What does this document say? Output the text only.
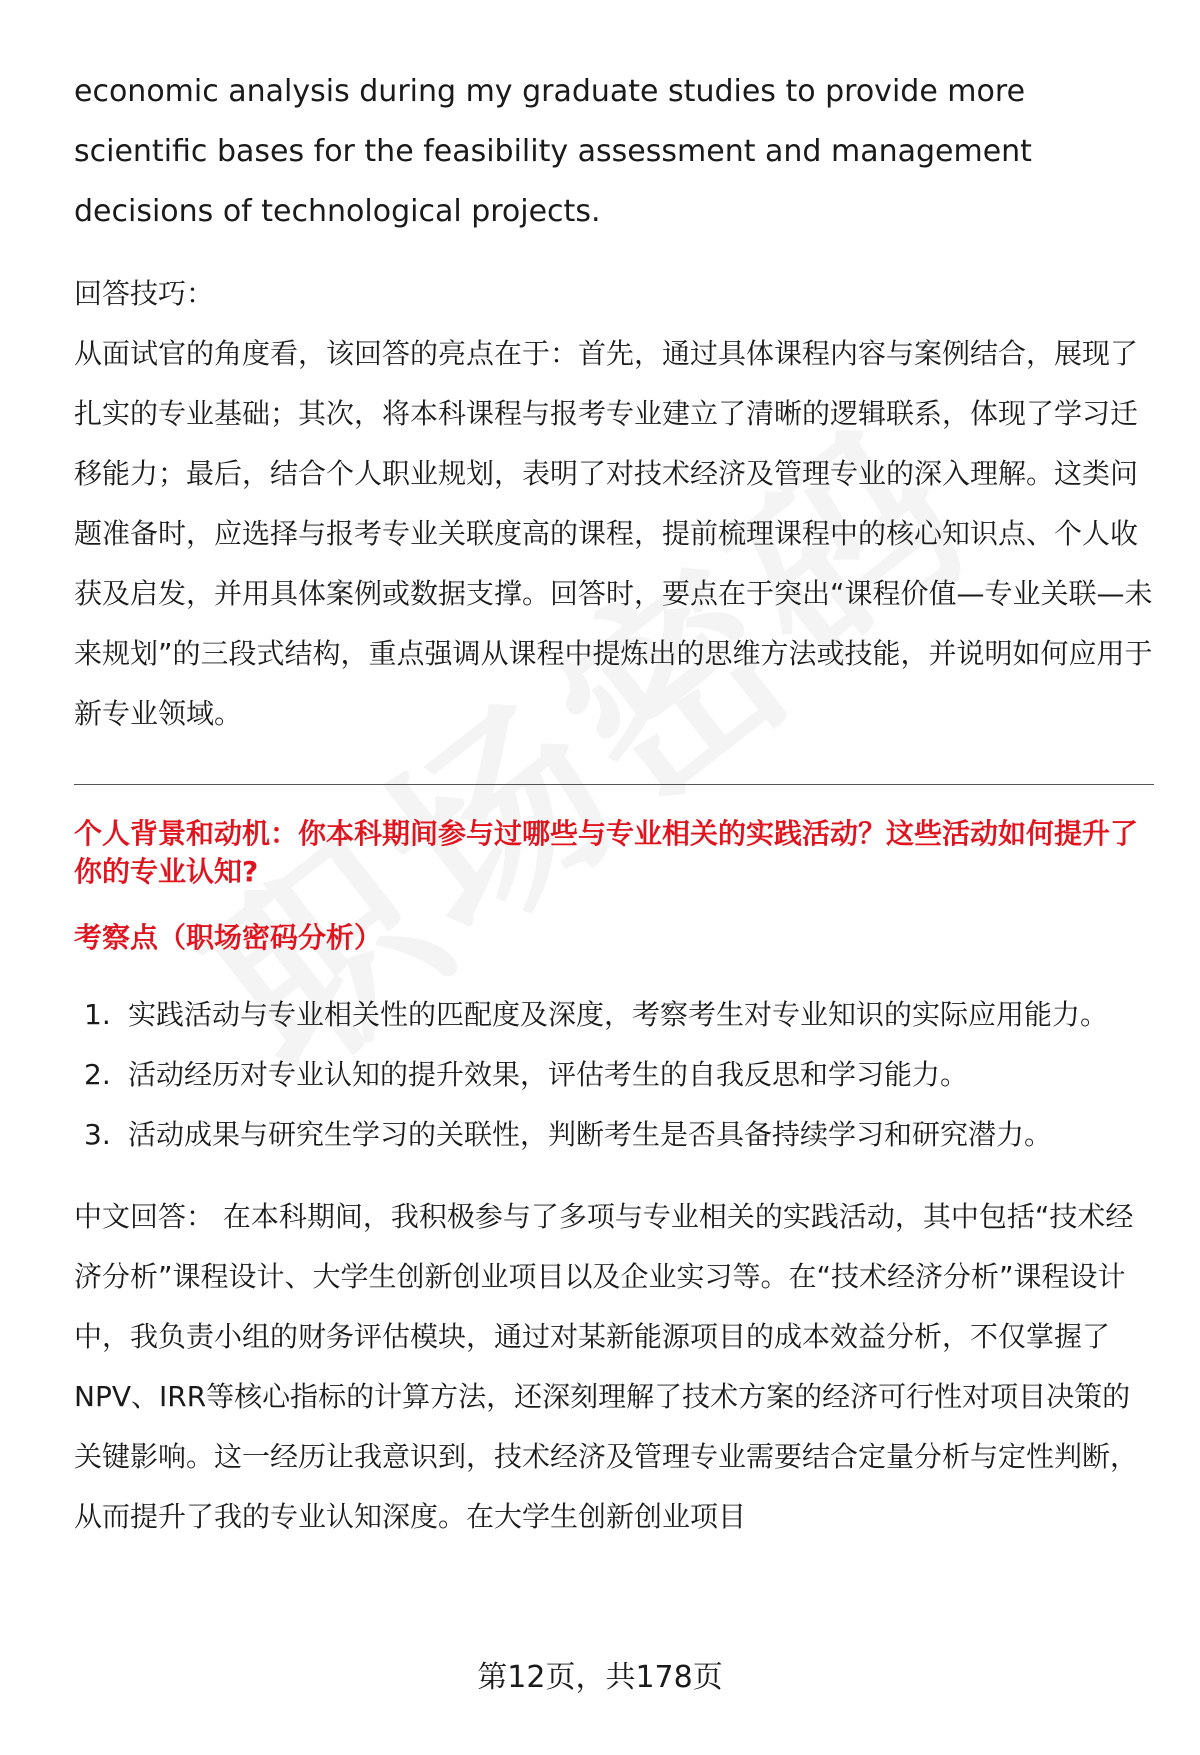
economic analysis during my graduate studies to provide more scientific bases for the feasibility assessment and management decisions of technological projects.

回答技巧：

从面试官的角度看，该回答的亮点在于：首先，通过具体课程内容与案例结合，展现了扎实的专业基础；其次，将本科课程与报考专业建立了清晰的逻辑联系，体现了学习迁移能力；最后，结合个人职业规划，表明了对技术经济及管理专业的深入理解。这类问题准备时，应选择与报考专业关联度高的课程，提前梳理课程中的核心知识点、个人收获及启发，并用具体案例或数据支撑。回答时，要点在于突出“课程价值—专业关联—未来规划”的三段式结构，重点强调从课程中提炼出的思维方法或技能，并说明如何应用于新专业领域。

个人背景和动机：你本科期间参与过哪些与专业相关的实践活动？这些活动如何提升了你的专业认知?

考察点（职场密码分析）

1. 实践活动与专业相关性的匹配度及深度，考察考生对专业知识的实际应用能力。
2. 活动经历对专业认知的提升效果，评估考生的自我反思和学习能力。
3. 活动成果与研究生学习的关联性，判断考生是否具备持续学习和研究潜力。

中文回答： 在本科期间，我积极参与了多项与专业相关的实践活动，其中包括“技术经济分析”课程设计、大学生创新创业项目以及企业实习等。在“技术经济分析”课程设计中，我负责小组的财务评估模块，通过对某新能源项目的成本效益分析，不仅掌握了NPV、IRR等核心指标的计算方法，还深刻理解了技术方案的经济可行性对项目决策的关键影响。这一经历让我意识到，技术经济及管理专业需要结合定量分析与定性判断，从而提升了我的专业认知深度。在大学生创新创业项目

第12页，共178页
